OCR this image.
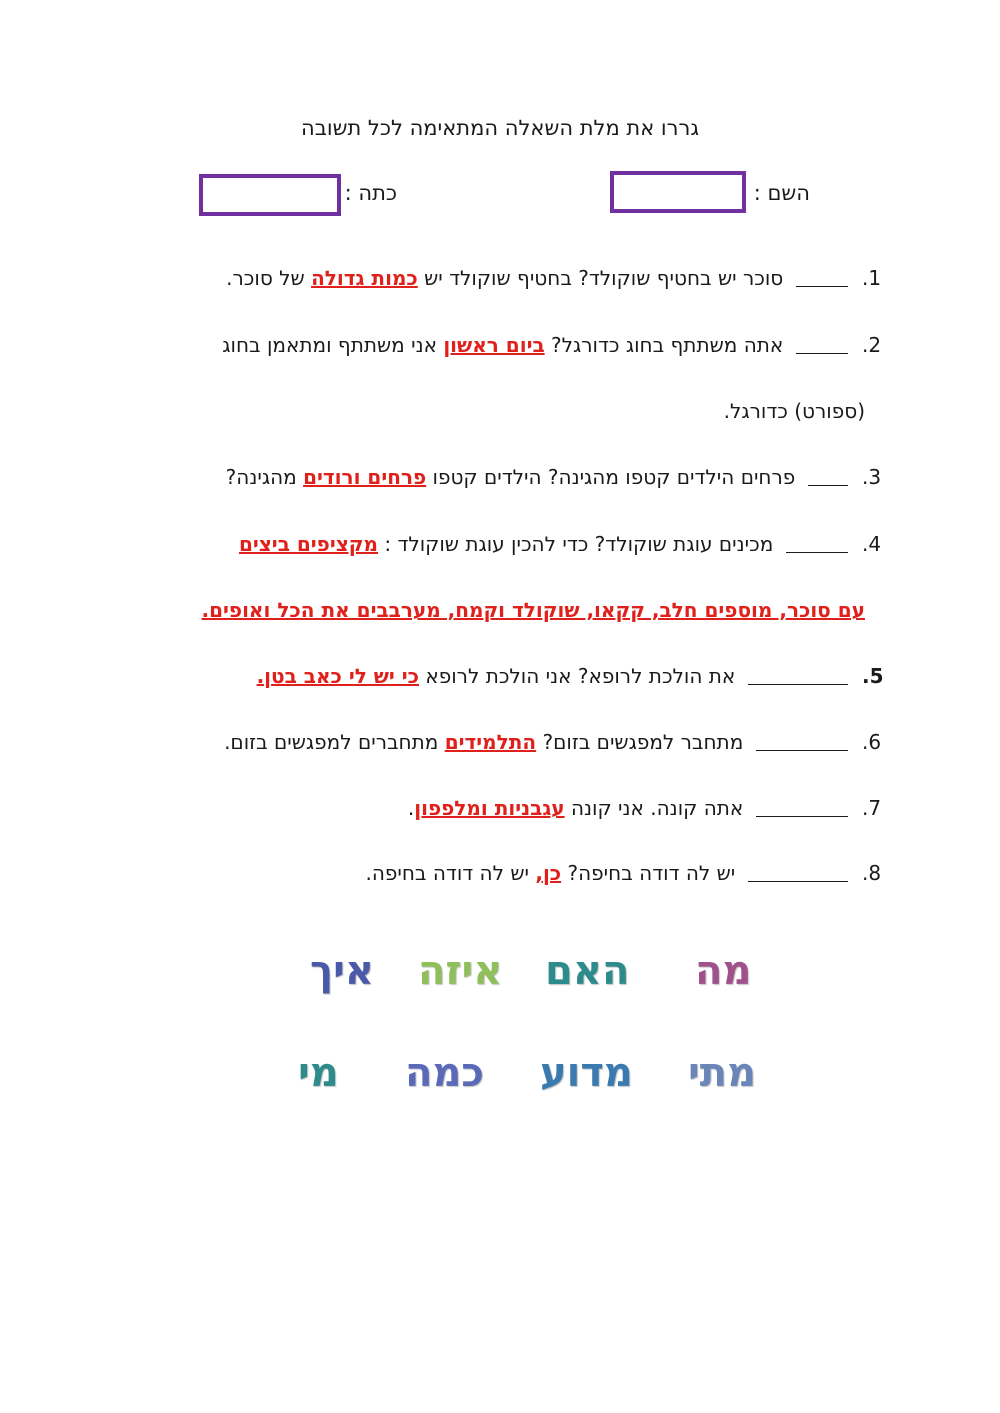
גררו את מלת השאלה המתאימה לכל תשובה
השם :
כתה :
1.  סוכר יש בחטיף שוקולד? בחטיף שוקולד יש כמות גדולה של סוכר.
2.  אתה משתתף בחוג כדורגל? ביום ראשון אני משתתף ומתאמן בחוג
(ספורט) כדורגל.
3.  פרחים הילדים קטפו מהגינה? הילדים קטפו פרחים ורודים מהגינה?
4.  מכינים עוגת שוקולד? כדי להכין עוגת שוקולד : מקציפים ביצים
עם סוכר, מוספים חלב, קקאו, שוקולד וקמח, מערבבים את הכל ואופים.
5.  את הולכת לרופא? אני הולכת לרופא כי יש לי כאב בטן.
6.  מתחבר למפגשים בזום? התלמידים מתחברים למפגשים בזום.
7.  אתה קונה. אני קונה עגבניות ומלפפון.
8.  יש לה דודה בחיפה? כן, יש לה דודה בחיפה.
מה
האם
איזה
איך
מתי
מדוע
כמה
מי
